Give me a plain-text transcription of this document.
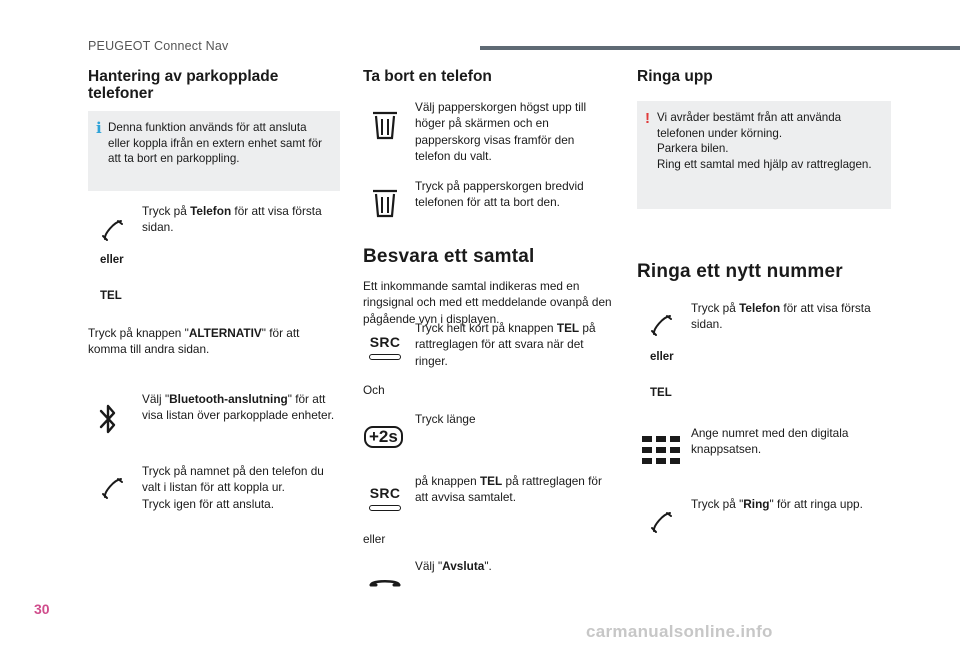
PEUGEOT Connect Nav
Hantering av parkopplade telefoner
i Denna funktion används för att ansluta eller koppla ifrån en extern enhet samt för att ta bort en parkoppling.

Tryck på Telefon för att visa första sidan.
eller
TEL
Tryck på knappen "ALTERNATIV" för att komma till andra sidan.
Välj "Bluetooth-anslutning" för att visa listan över parkopplade enheter.
Tryck på namnet på den telefon du valt i listan för att koppla ur.
Tryck igen för att ansluta.
Ta bort en telefon
Välj papperskorgen högst upp till höger på skärmen och en papperskorg visas framför den telefon du valt.
Tryck på papperskorgen bredvid telefonen för att ta bort den.
Besvara ett samtal
Ett inkommande samtal indikeras med en ringsignal och med ett meddelande ovanpå den pågående vyn i displayen.
SRC
Tryck helt kort på knappen TEL på rattreglagen för att svara när det ringer.
Och
Tryck länge
+2s
SRC
på knappen TEL på rattreglagen för att avvisa samtalet.
eller
Välj "Avsluta".
Ringa upp
! Vi avråder bestämt från att använda telefonen under körning.

Parkera bilen.

Ring ett samtal med hjälp av rattreglagen.

Ringa ett nytt nummer
Tryck på Telefon för att visa första sidan.
eller
TEL
Ange numret med den digitala knappsatsen.
Tryck på "Ring" för att ringa upp.
30
carmanualsonline.info
